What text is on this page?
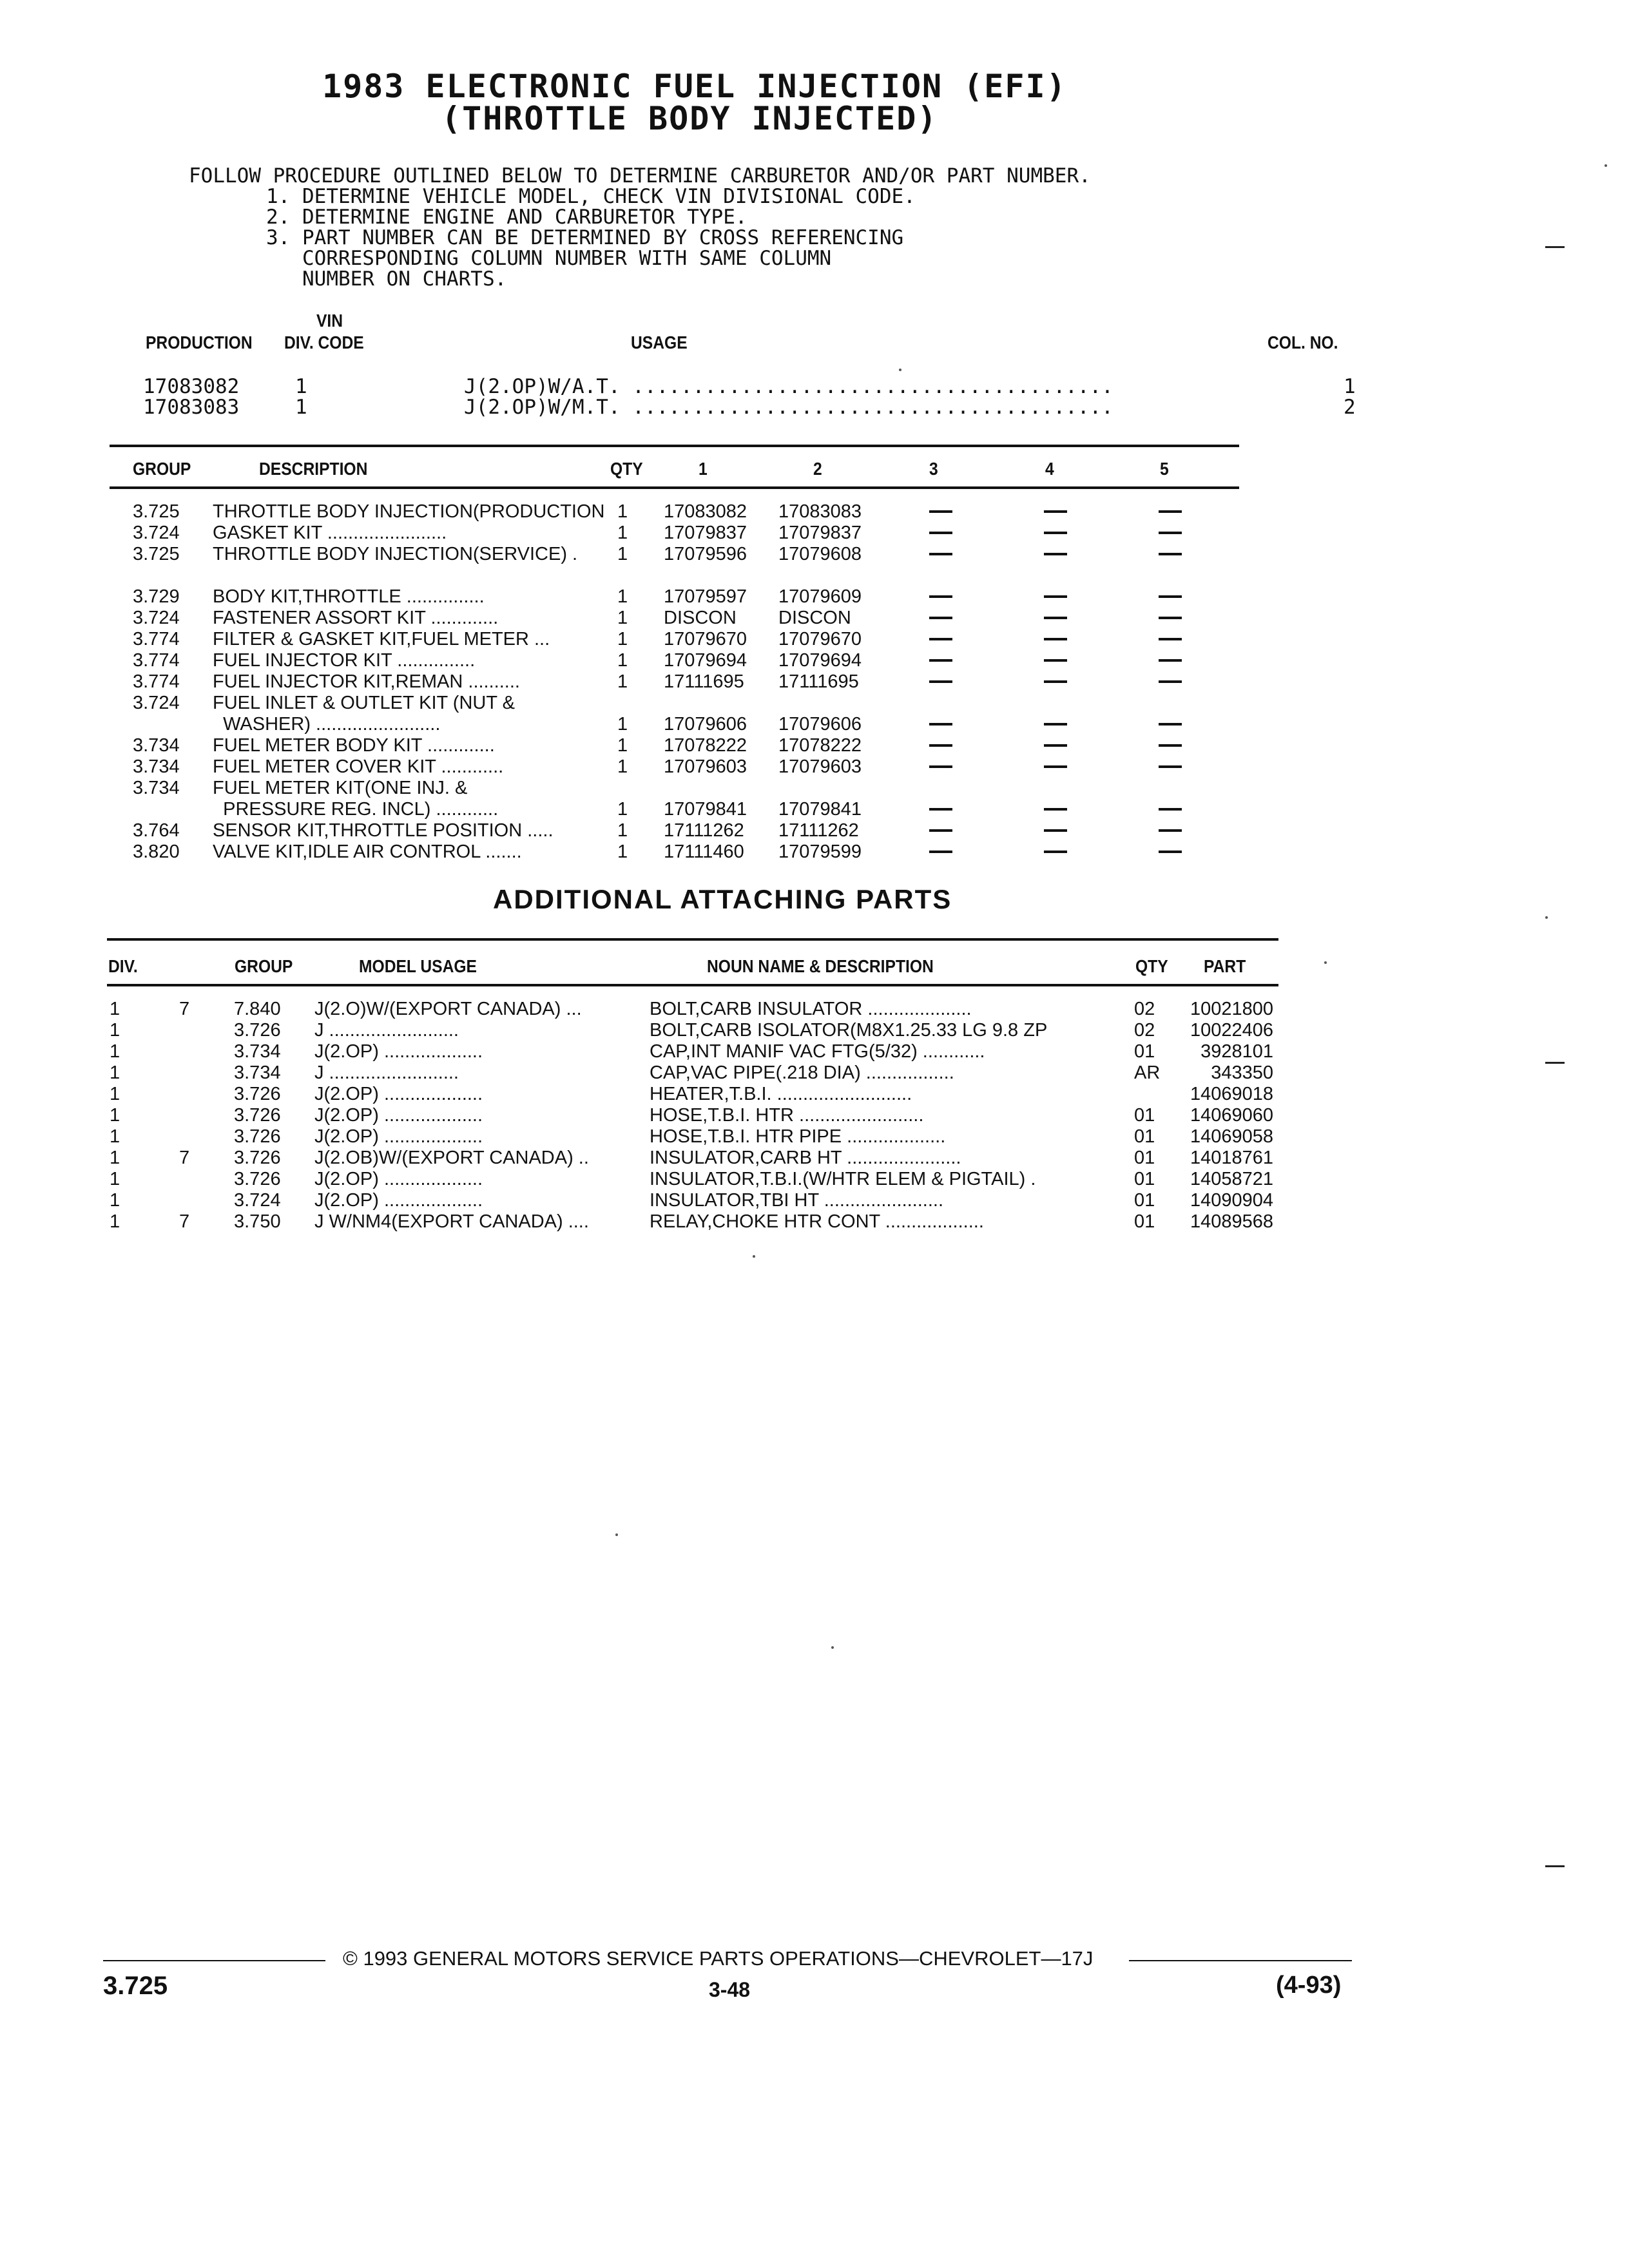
1983 ELECTRONIC FUEL INJECTION (EFI)
(THROTTLE BODY INJECTED)
FOLLOW PROCEDURE OUTLINED BELOW TO DETERMINE CARBURETOR AND/OR PART NUMBER.
1. DETERMINE VEHICLE MODEL, CHECK VIN DIVISIONAL CODE.
2. DETERMINE ENGINE AND CARBURETOR TYPE.
3. PART NUMBER CAN BE DETERMINED BY CROSS REFERENCING
CORRESPONDING COLUMN NUMBER WITH SAME COLUMN
NUMBER ON CHARTS.
VIN
PRODUCTION DIV. CODE	USAGE	COL. NO.
17083082	1	J(2.OP)W/A.T. ........................................	1
17083083	1	J(2.OP)W/M.T. ........................................	2
GROUP	DESCRIPTION	QTY	1	2	3	4	5
3.725 THROTTLE BODY INJECTION(PRODUCTION 1 17083082 17083083
3.724 GASKET KIT .......................	1 17079837 17079837
3.725 THROTTLE BODY INJECTION(SERVICE) . 1 17079596 17079608
3.729 BODY KIT,THROTTLE ...............	1 17079597 17079609
3.724 FASTENER ASSORT KIT .............	1 DISCON DISCON
3.774 FILTER & GASKET KIT,FUEL METER ...	1 17079670 17079670
3.774 FUEL INJECTOR KIT ...............	1 17079694 17079694
3.774 FUEL INJECTOR KIT,REMAN ..........	1 17111695 17111695
3.724 FUEL INLET & OUTLET KIT (NUT &
WASHER) ........................	1 17079606 17079606
3.734 FUEL METER BODY KIT .............	1 17078222 17078222
3.734 FUEL METER COVER KIT ............	1 17079603 17079603
3.734 FUEL METER KIT(ONE INJ. &
PRESSURE REG. INCL) ............	1 17079841 17079841
3.764 SENSOR KIT,THROTTLE POSITION .....	1 17111262 17111262
3.820 VALVE KIT,IDLE AIR CONTROL .......	1 17111460 17079599
ADDITIONAL ATTACHING PARTS
DIV.	GROUP	MODEL USAGE	NOUN NAME & DESCRIPTION	QTY PART
1	7 7.840 J(2.O)W/(EXPORT CANADA) ...	BOLT,CARB INSULATOR ....................	02 10021800
1	3.726 J .........................	BOLT,CARB ISOLATOR(M8X1.25.33 LG 9.8 ZP	02 10022406
1	3.734 J(2.OP) ...................	CAP,INT MANIF VAC FTG(5/32) ............	01 3928101
1	3.734 J .........................	CAP,VAC PIPE(.218 DIA) .................	AR	343350
1	3.726 J(2.OP) ...................	HEATER,T.B.I. ..........................	14069018
1	3.726 J(2.OP) ...................	HOSE,T.B.I. HTR ........................	01 14069060
1	3.726 J(2.OP) ...................	HOSE,T.B.I. HTR PIPE ...................	01 14069058
1	7 3.726 J(2.OB)W/(EXPORT CANADA) ..	INSULATOR,CARB HT ......................	01 14018761
1	3.726 J(2.OP) ...................	INSULATOR,T.B.I.(W/HTR ELEM & PIGTAIL) .	01 14058721
1	3.724 J(2.OP) ...................	INSULATOR,TBI HT .......................	01 14090904
1	7 3.750 J W/NM4(EXPORT CANADA) ....	RELAY,CHOKE HTR CONT ...................	01 14089568
© 1993 GENERAL MOTORS SERVICE PARTS OPERATIONS—CHEVROLET—17J
3.725	3-48	(4-93)
